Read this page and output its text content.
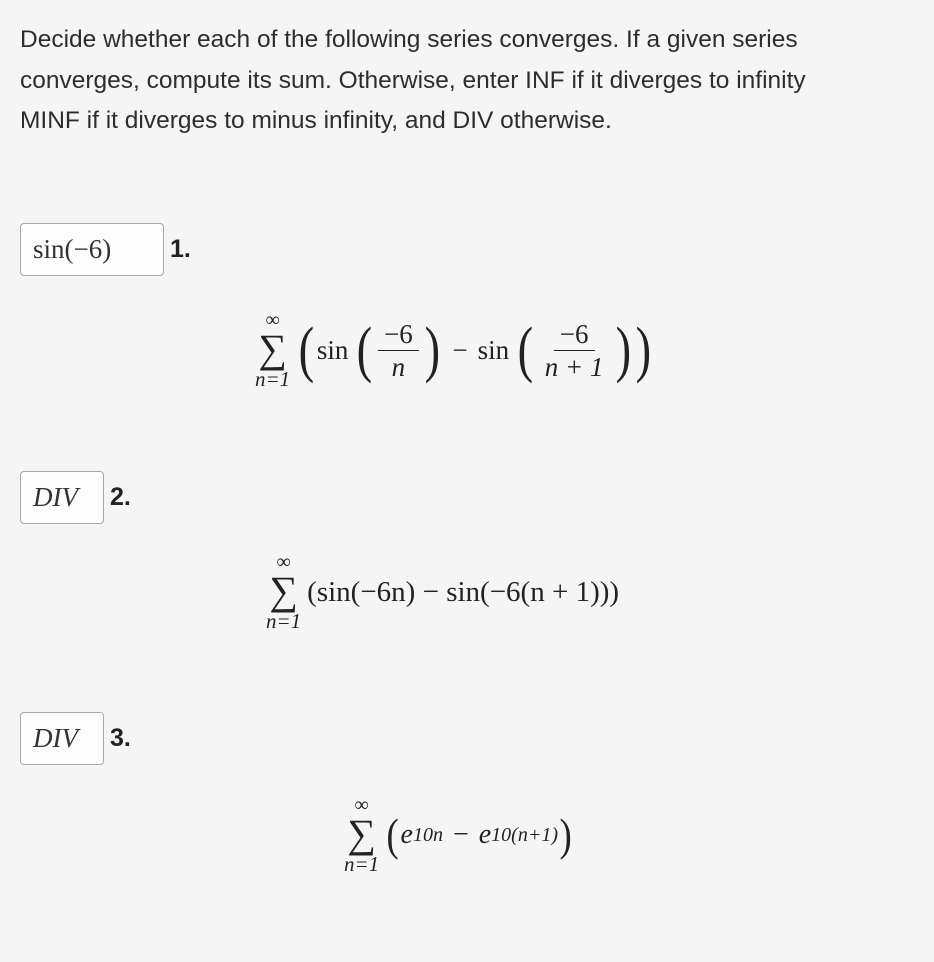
Decide whether each of the following series converges. If a given series
converges, compute its sum. Otherwise, enter INF if it diverges to infinity
MINF if it diverges to minus infinity, and DIV otherwise.
sin(−6)	1.
∞
∑
n=1 ( sin ( $\frac{-6}{n}$ ) − sin ( $\frac{-6}{n + 1}$ ) )
DIV	2.
∞
∑
n=1
(sin(−6n) − sin(−6(n + 1)))
DIV	3.
∞
∑
n=1
( e 10n − e 10(n+1) )
